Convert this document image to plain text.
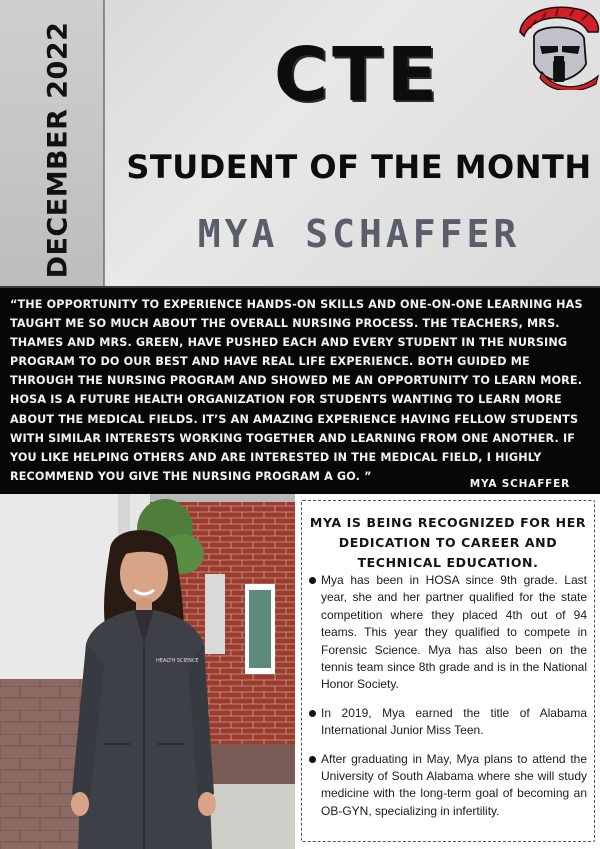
DECEMBER 2022	CTE
STUDENT OF THE MONTH
MYA SCHAFFER
“THE OPPORTUNITY TO EXPERIENCE HANDS-ON SKILLS AND ONE-ON-ONE LEARNING HAS TAUGHT ME SO MUCH ABOUT THE OVERALL NURSING PROCESS. THE TEACHERS, MRS. THAMES AND MRS. GREEN, HAVE PUSHED EACH AND EVERY STUDENT IN THE NURSING PROGRAM TO DO OUR BEST AND HAVE REAL LIFE EXPERIENCE. BOTH GUIDED ME THROUGH THE NURSING PROGRAM AND SHOWED ME AN OPPORTUNITY TO LEARN MORE. HOSA IS A FUTURE HEALTH ORGANIZATION FOR STUDENTS WANTING TO LEARN MORE ABOUT THE MEDICAL FIELDS. IT’S AN AMAZING EXPERIENCE HAVING FELLOW STUDENTS WITH SIMILAR INTERESTS WORKING TOGETHER AND LEARNING FROM ONE ANOTHER. IF YOU LIKE HELPING OTHERS AND ARE INTERESTED IN THE MEDICAL FIELD, I HIGHLY RECOMMEND YOU GIVE THE NURSING PROGRAM A GO. ”
MYA SCHAFFER
HEALTH SCIENCE
MYA IS BEING RECOGNIZED FOR HER DEDICATION TO CAREER AND TECHNICAL EDUCATION.
Mya has been in HOSA since 9th grade. Last year, she and her partner qualified for the state competition where they placed 4th out of 94 teams. This year they qualified to compete in Forensic Science. Mya has also been on the tennis team since 8th grade and is in the National Honor Society.
In 2019, Mya earned the title of Alabama International Junior Miss Teen.
After graduating in May, Mya plans to attend the University of South Alabama where she will study medicine with the long-term goal of becoming an OB-GYN, specializing in infertility.
